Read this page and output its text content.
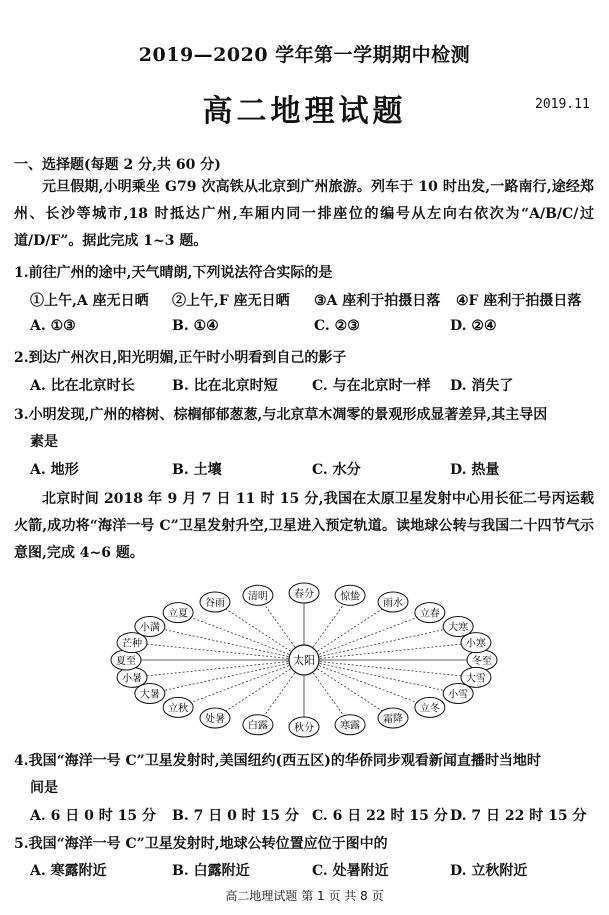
2019—2020 学年第一学期期中检测
高二地理试题	2019.11
一、选择题(每题 2 分,共 60 分)
元旦假期,小明乘坐 G79 次高铁从北京到广州旅游。列车于 10 时出发,一路南行,途经郑州、长沙等城市,18 时抵达广州,车厢内同一排座位的编号从左向右依次为“A/B/C/过道/D/F”。据此完成 1~3 题。
1.前往广州的途中,天气晴朗,下列说法符合实际的是
①上午,A 座无日晒 ②上午,F 座无日晒 ③A 座利于拍摄日落 ④F 座利于拍摄日落
A. ①③	B. ①④	C. ②③	D. ②④
2.到达广州次日,阳光明媚,正午时小明看到自己的影子
A. 比在北京时长	B. 比在北京时短 C. 与在北京时一样 D. 消失了
3.小明发现,广州的榕树、棕榈郁郁葱葱,与北京草木凋零的景观形成显著差异,其主导因
素是
A. 地形	B. 土壤	C. 水分	D. 热量
北京时间 2018 年 9 月 7 日 11 时 15 分,我国在太原卫星发射中心用长征二号丙运载火箭,成功将“海洋一号 C”卫星发射升空,卫星进入预定轨道。读地球公转与我国二十四节气示意图,完成 4~6 题。
冬至
大雪
小雪
立冬
霜降
寒露
秋分
白露
处暑
立秋
大暑
小暑
夏至
芒种
小满
立夏
谷雨
清明	春分	惊蛰
雨水
立春
大寒
小寒
太阳
4.我国“海洋一号 C”卫星发射时,美国纽约(西五区)的华侨同步观看新闻直播时当地时
间是
A. 6 日 0 时 15 分 B. 7 日 0 时 15 分 C. 6 日 22 时 15 分 D. 7 日 22 时 15 分
5.我国“海洋一号 C”卫星发射时,地球公转位置应位于图中的
A. 寒露附近	B. 白露附近	C. 处暑附近	D. 立秋附近
高二地理试题 第 1 页 共 8 页
